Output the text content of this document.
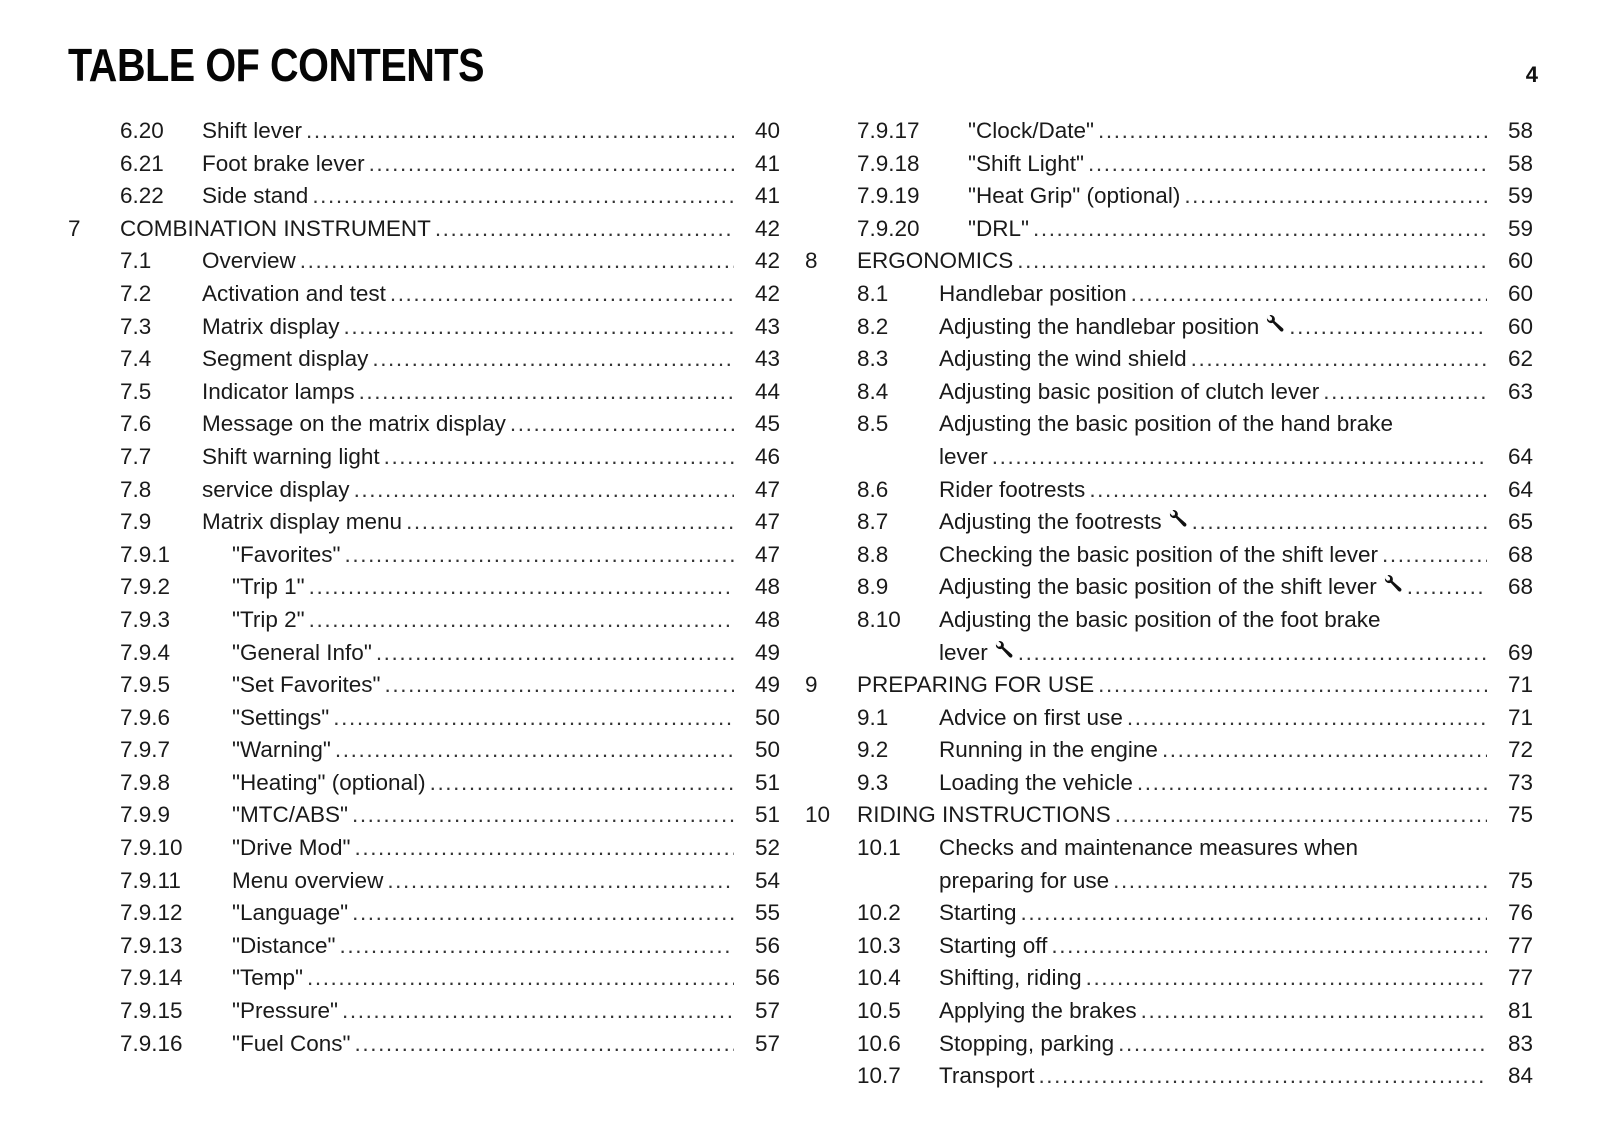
TABLE OF CONTENTS	4
6.20	Shift lever .....	40
6.21	Foot brake lever .....	41
6.22	Side stand .....	41
7	COMBINATION INSTRUMENT .....	42
7.1	Overview .....	42
7.2	Activation and test .....	42
7.3	Matrix display .....	43
7.4	Segment display .....	43
7.5	Indicator lamps .....	44
7.6	Message on the matrix display .....	45
7.7	Shift warning light .....	46
7.8	service display .....	47
7.9	Matrix display menu .....	47
7.9.1	"Favorites" .....	47
7.9.2	"Trip 1" .....	48
7.9.3	"Trip 2" .....	48
7.9.4	"General Info" .....	49
7.9.5	"Set Favorites" .....	49
7.9.6	"Settings" .....	50
7.9.7	"Warning" .....	50
7.9.8	"Heating" (optional) .....	51
7.9.9	"MTC/ABS" .....	51
7.9.10	"Drive Mod" .....	52
7.9.11	Menu overview .....	54
7.9.12	"Language" .....	55
7.9.13	"Distance" .....	56
7.9.14	"Temp" .....	56
7.9.15	"Pressure" .....	57
7.9.16	"Fuel Cons" .....	57
7.9.17	"Clock/Date" .....	58
7.9.18	"Shift Light" .....	58
7.9.19	"Heat Grip" (optional) .....	59
7.9.20	"DRL" .....	59
8	ERGONOMICS .....	60
8.1	Handlebar position .....	60
8.2	Adjusting the handlebar position .....	60
8.3	Adjusting the wind shield .....	62
8.4	Adjusting basic position of clutch lever .....	63
8.5	Adjusting the basic position of the hand brake
lever .....	64
8.6	Rider footrests .....	64
8.7	Adjusting the footrests .....	65
8.8	Checking the basic position of the shift lever .....	68
8.9	Adjusting the basic position of the shift lever .....	68
8.10	Adjusting the basic position of the foot brake
lever .....	69
9	PREPARING FOR USE .....	71
9.1	Advice on first use .....	71
9.2	Running in the engine .....	72
9.3	Loading the vehicle .....	73
10	RIDING INSTRUCTIONS .....	75
10.1	Checks and maintenance measures when
preparing for use .....	75
10.2	Starting .....	76
10.3	Starting off .....	77
10.4	Shifting, riding .....	77
10.5	Applying the brakes .....	81
10.6	Stopping, parking .....	83
10.7	Transport .....	84
